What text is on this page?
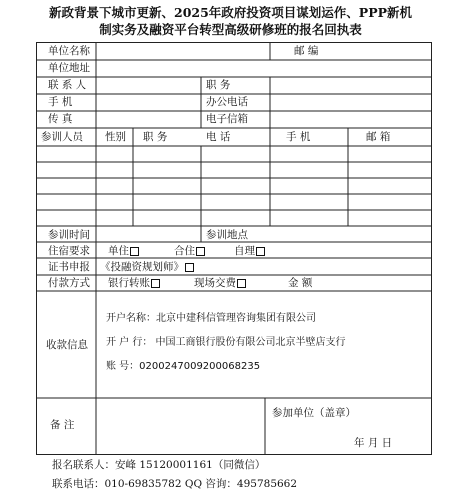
新政背景下城市更新、2025年政府投资项目谋划运作、PPP新机
制实务及融资平台转型高级研修班的报名回执表
单位名称	邮 编
单位地址
联 系 人	职 务
手 机	办公电话
传 真	电子信箱
参训人员 性别 职 务	电 话	手 机	邮 箱
参训时间	参训地点
住宿要求 单住	合住	自理
证书申报 《投融资规划师》
付款方式 银行转账	现场交费	金 额
收款信息
开户名称：北京中建科信管理咨询集团有限公司
开 户 行： 中国工商银行股份有限公司北京半壁店支行
账 号：0200247009200068235
备 注
参加单位（盖章）
年 月 日
报名联系人：安峰 15120001161（同微信）
联系电话：010-69835782 QQ 咨询：495785662
